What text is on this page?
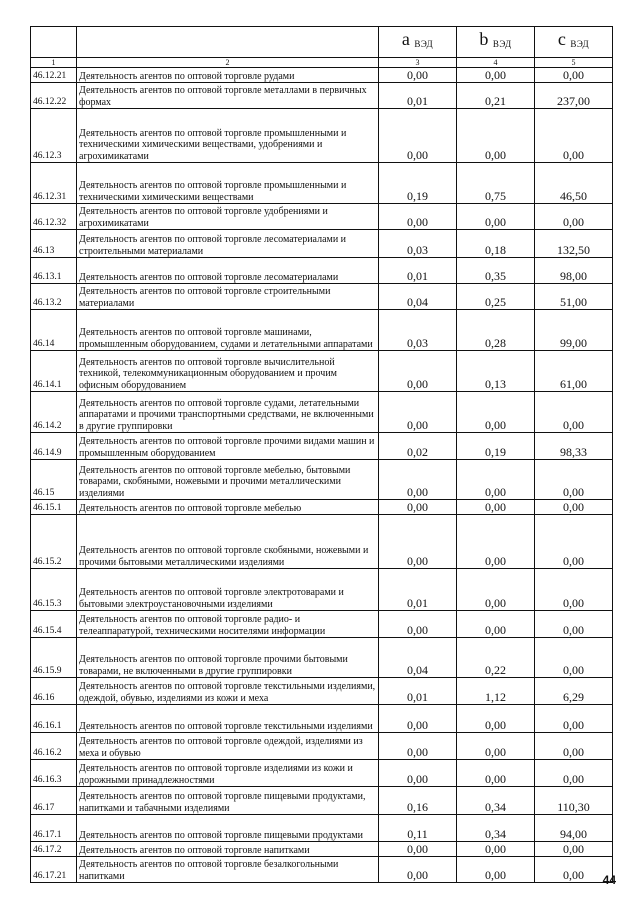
		a $_{ВЭД}$	b $_{ВЭД}$	c $_{ВЭД}$
1	2	3	4	5
46.12.21	Деятельность агентов по оптовой торговле рудами	0,00	0,00	0,00
46.12.22	Деятельность агентов по оптовой торговле металлами в первичных формах	0,01	0,21	237,00
46.12.3	Деятельность агентов по оптовой торговле промышленными и техническими химическими веществами, удобрениями и агрохимикатами	0,00	0,00	0,00
46.12.31	Деятельность агентов по оптовой торговле промышленными и техническими химическими веществами	0,19	0,75	46,50
46.12.32	Деятельность агентов по оптовой торговле удобрениями и агрохимикатами	0,00	0,00	0,00
46.13	Деятельность агентов по оптовой торговле лесоматериалами и строительными материалами	0,03	0,18	132,50
46.13.1	Деятельность агентов по оптовой торговле лесоматериалами	0,01	0,35	98,00
46.13.2	Деятельность агентов по оптовой торговле строительными материалами	0,04	0,25	51,00
46.14	Деятельность агентов по оптовой торговле машинами, промышленным оборудованием, судами и летательными аппаратами	0,03	0,28	99,00
46.14.1	Деятельность агентов по оптовой торговле вычислительной техникой, телекоммуникационным оборудованием и прочим офисным оборудованием	0,00	0,13	61,00
46.14.2	Деятельность агентов по оптовой торговле судами, летательными аппаратами и прочими транспортными средствами, не включенными в другие группировки	0,00	0,00	0,00
46.14.9	Деятельность агентов по оптовой торговле прочими видами машин и промышленным оборудованием	0,02	0,19	98,33
46.15	Деятельность агентов по оптовой торговле мебелью, бытовыми товарами, скобяными, ножевыми и прочими металлическими изделиями	0,00	0,00	0,00
46.15.1	Деятельность агентов по оптовой торговле мебелью	0,00	0,00	0,00
46.15.2	Деятельность агентов по оптовой торговле скобяными, ножевыми и прочими бытовыми металлическими изделиями	0,00	0,00	0,00
46.15.3	Деятельность агентов по оптовой торговле электротоварами и бытовыми электроустановочными изделиями	0,01	0,00	0,00
46.15.4	Деятельность агентов по оптовой торговле радио- и телеаппаратурой, техническими носителями информации	0,00	0,00	0,00
46.15.9	Деятельность агентов по оптовой торговле прочими бытовыми товарами, не включенными в другие группировки	0,04	0,22	0,00
46.16	Деятельность агентов по оптовой торговле текстильными изделиями, одеждой, обувью, изделиями из кожи и меха	0,01	1,12	6,29
46.16.1	Деятельность агентов по оптовой торговле текстильными изделиями	0,00	0,00	0,00
46.16.2	Деятельность агентов по оптовой торговле одеждой, изделиями из меха и обувью	0,00	0,00	0,00
46.16.3	Деятельность агентов по оптовой торговле изделиями из кожи и дорожными принадлежностями	0,00	0,00	0,00
46.17	Деятельность агентов по оптовой торговле пищевыми продуктами, напитками и табачными изделиями	0,16	0,34	110,30
46.17.1	Деятельность агентов по оптовой торговле пищевыми продуктами	0,11	0,34	94,00
46.17.2	Деятельность агентов по оптовой торговле напитками	0,00	0,00	0,00
46.17.21	Деятельность агентов по оптовой торговле безалкогольными напитками	0,00	0,00	0,00 44
